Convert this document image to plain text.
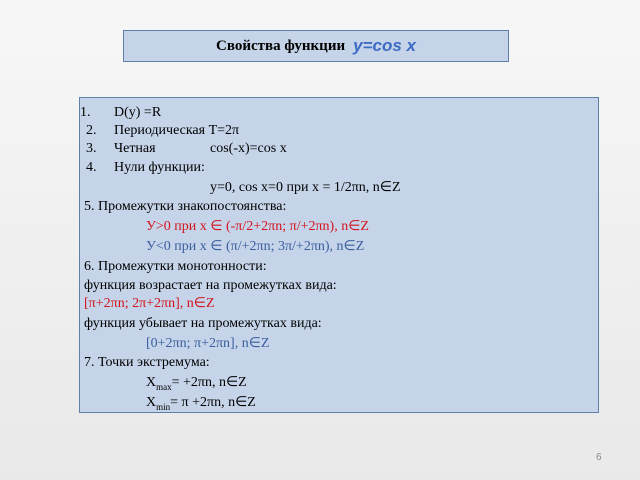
Свойства функции y=cos x
1. D(y) =R
2. Периодическая T=2π
3. Четная	cos(-x)=cos x
4. Нули функции:
y=0, cos x=0 при x = 1/2πn, n∈Z
5. Промежутки знакопостоянства:
У>0 при x ∈ (-π/2+2πn; π/+2πn), n∈Z
У<0 при x ∈ (π/+2πn; 3π/+2πn), n∈Z
6. Промежутки монотонности:
функция возрастает на промежутках вида:
[π+2πn; 2π+2πn], n∈Z
функция убывает на промежутках вида:
[0+2πn; π+2πn], n∈Z
7. Точки экстремума:
$X_{max}= +2\pi n$, n∈Z
$X_{min}= \pi +2\pi n$, n∈Z
6
